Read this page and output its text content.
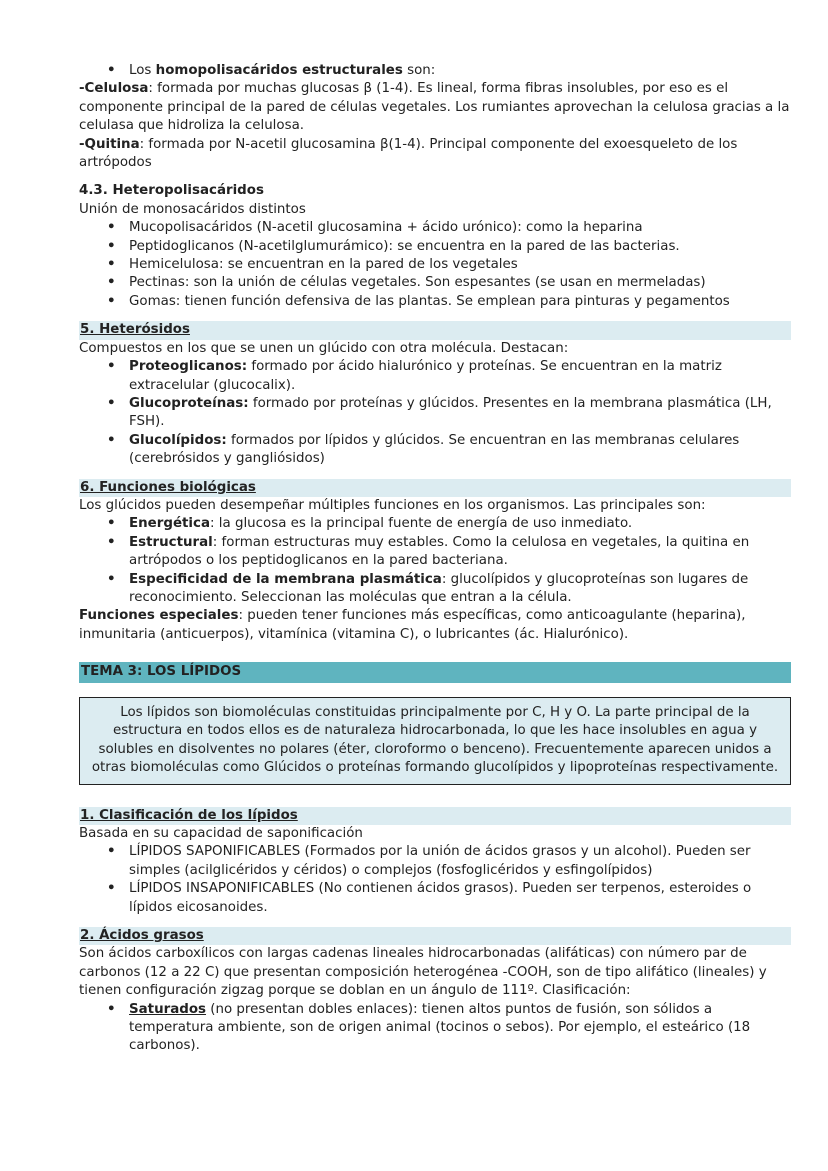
• Los homopolisacáridos estructurales son:

-Celulosa: formada por muchas glucosas β (1-4). Es lineal, forma fibras insolubles, por eso es el componente principal de la pared de células vegetales. Los rumiantes aprovechan la celulosa gracias a la celulasa que hidroliza la celulosa.

-Quitina: formada por N-acetil glucosamina β(1-4). Principal componente del exoesqueleto de los artrópodos

4.3. Heteropolisacáridos

Unión de monosacáridos distintos

• Mucopolisacáridos (N-acetil glucosamina + ácido urónico): como la heparina
• Peptidoglicanos (N-acetilglumurámico): se encuentra en la pared de las bacterias.
• Hemicelulosa: se encuentran en la pared de los vegetales
• Pectinas: son la unión de células vegetales. Son espesantes (se usan en mermeladas)
• Gomas: tienen función defensiva de las plantas. Se emplean para pinturas y pegamentos

5. Heterósidos

Compuestos en los que se unen un glúcido con otra molécula. Destacan:

• Proteoglicanos: formado por ácido hialurónico y proteínas. Se encuentran en la matriz extracelular (glucocalix).
• Glucoproteínas: formado por proteínas y glúcidos. Presentes en la membrana plasmática (LH, FSH).
• Glucolípidos: formados por lípidos y glúcidos. Se encuentran en las membranas celulares (cerebrósidos y gangliósidos)

6. Funciones biológicas

Los glúcidos pueden desempeñar múltiples funciones en los organismos. Las principales son:

• Energética: la glucosa es la principal fuente de energía de uso inmediato.
• Estructural: forman estructuras muy estables. Como la celulosa en vegetales, la quitina en artrópodos o los peptidoglicanos en la pared bacteriana.
• Especificidad de la membrana plasmática: glucolípidos y glucoproteínas son lugares de reconocimiento. Seleccionan las moléculas que entran a la célula.

Funciones especiales: pueden tener funciones más específicas, como anticoagulante (heparina), inmunitaria (anticuerpos), vitamínica (vitamina C), o lubricantes (ác. Hialurónico).

TEMA 3: LOS LÍPIDOS

Los lípidos son biomoléculas constituidas principalmente por C, H y O. La parte principal de la estructura en todos ellos es de naturaleza hidrocarbonada, lo que les hace insolubles en agua y solubles en disolventes no polares (éter, cloroformo o benceno). Frecuentemente aparecen unidos a otras biomoléculas como Glúcidos o proteínas formando glucolípidos y lipoproteínas respectivamente.

1. Clasificación de los lípidos

Basada en su capacidad de saponificación

• LÍPIDOS SAPONIFICABLES (Formados por la unión de ácidos grasos y un alcohol). Pueden ser simples (acilglicéridos y céridos) o complejos (fosfoglicéridos y esfingolípidos)
• LÍPIDOS INSAPONIFICABLES (No contienen ácidos grasos). Pueden ser terpenos, esteroides o lípidos eicosanoides.

2. Ácidos grasos

Son ácidos carboxílicos con largas cadenas lineales hidrocarbonadas (alifáticas) con número par de carbonos (12 a 22 C) que presentan composición heterogénea -COOH, son de tipo alifático (lineales) y tienen configuración zigzag porque se doblan en un ángulo de 111º. Clasificación:

• Saturados (no presentan dobles enlaces): tienen altos puntos de fusión, son sólidos a temperatura ambiente, son de origen animal (tocinos o sebos). Por ejemplo, el esteárico (18 carbonos).
